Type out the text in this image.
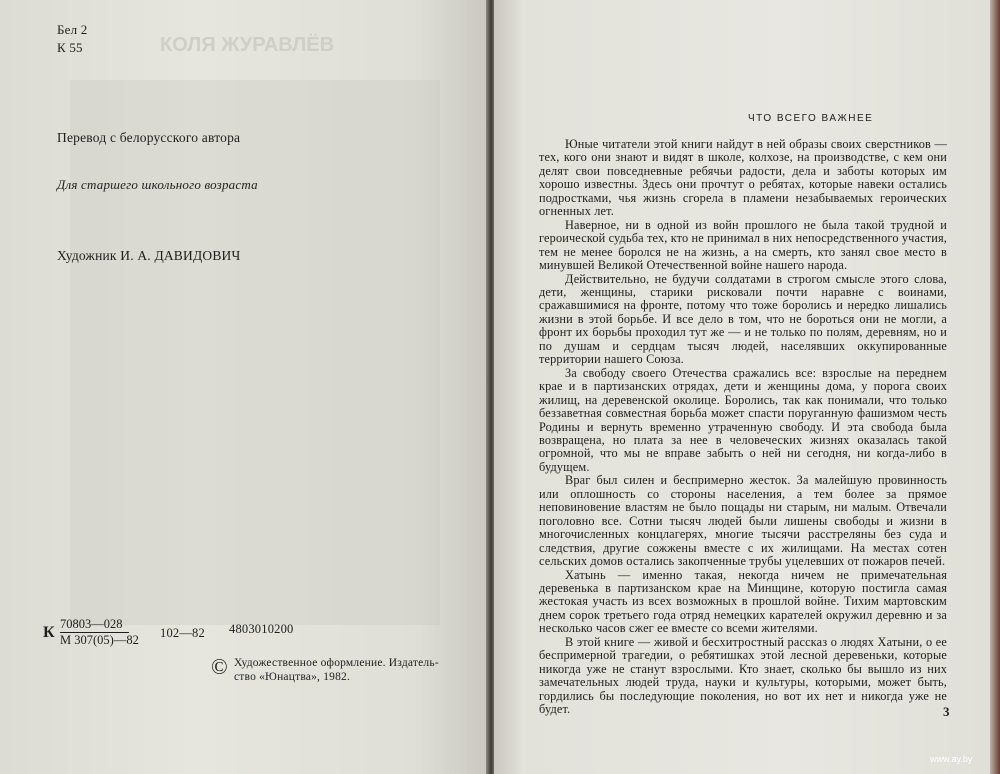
КОЛЯ ЖУРАВЛЁВ
Бел 2
К 55
Перевод с белорусского автора
Для старшего школьного возраста
Художник И. А. ДАВИДОВИЧ
К 70803—028
М 307(05)—82 102—82 4803010200
© Художественное оформление. Издатель-
ство «Юнацтва», 1982.
ЧТО ВСЕГО ВАЖНЕЕ

Юные читатели этой книги найдут в ней образы своих сверстников — тех, кого они знают и видят в школе, колхозе, на производстве, с кем они делят свои повседневные ребячьи радости, дела и заботы которых им хорошо известны. Здесь они прочтут о ребятах, которые навеки остались подростками, чья жизнь сгорела в пламени незабываемых героических огненных лет.

Наверное, ни в одной из войн прошлого не была такой трудной и героической судьба тех, кто не принимал в них непосредственного участия, тем не менее боролся не на жизнь, а на смерть, кто занял свое место в минувшей Великой Отечественной войне нашего народа.

Действительно, не будучи солдатами в строгом смысле этого слова, дети, женщины, старики рисковали почти наравне с воинами, сражавшимися на фронте, потому что тоже боролись и нередко лишались жизни в этой борьбе. И все дело в том, что не бороться они не могли, а фронт их борьбы проходил тут же — и не только по полям, деревням, но и по душам и сердцам тысяч людей, населявших оккупированные территории нашего Союза.

За свободу своего Отечества сражались все: взрослые на переднем крае и в партизанских отрядах, дети и женщины дома, у порога своих жилищ, на деревенской околице. Боролись, так как понимали, что только беззаветная совместная борьба может спасти поруганную фашизмом честь Родины и вернуть временно утраченную свободу. И эта свобода была возвращена, но плата за нее в человеческих жизнях оказалась такой огромной, что мы не вправе забыть о ней ни сегодня, ни когда-либо в будущем.

Враг был силен и беспримерно жесток. За малейшую провинность или оплошность со стороны населения, а тем более за прямое неповиновение властям не было пощады ни старым, ни малым. Отвечали поголовно все. Сотни тысяч людей были лишены свободы и жизни в многочисленных концлагерях, многие тысячи расстреляны без суда и следствия, другие сожжены вместе с их жилищами. На местах сотен сельских домов остались закопченные трубы уцелевших от пожаров печей.

Хатынь — именно такая, некогда ничем не примечательная деревенька в партизанском крае на Минщине, которую постигла самая жестокая участь из всех возможных в прошлой войне. Тихим мартовским днем сорок третьего года отряд немецких карателей окружил деревню и за несколько часов сжег ее вместе со всеми жителями.

В этой книге — живой и бесхитростный рассказ о людях Хатыни, о ее беспримерной трагедии, о ребятишках этой лесной деревеньки, которые никогда уже не станут взрослыми. Кто знает, сколько бы вышло из них замечательных людей труда, науки и культуры, которыми, может быть, гордились бы последующие поколения, но вот их нет и никогда уже не будет.	3
www.ay.by
